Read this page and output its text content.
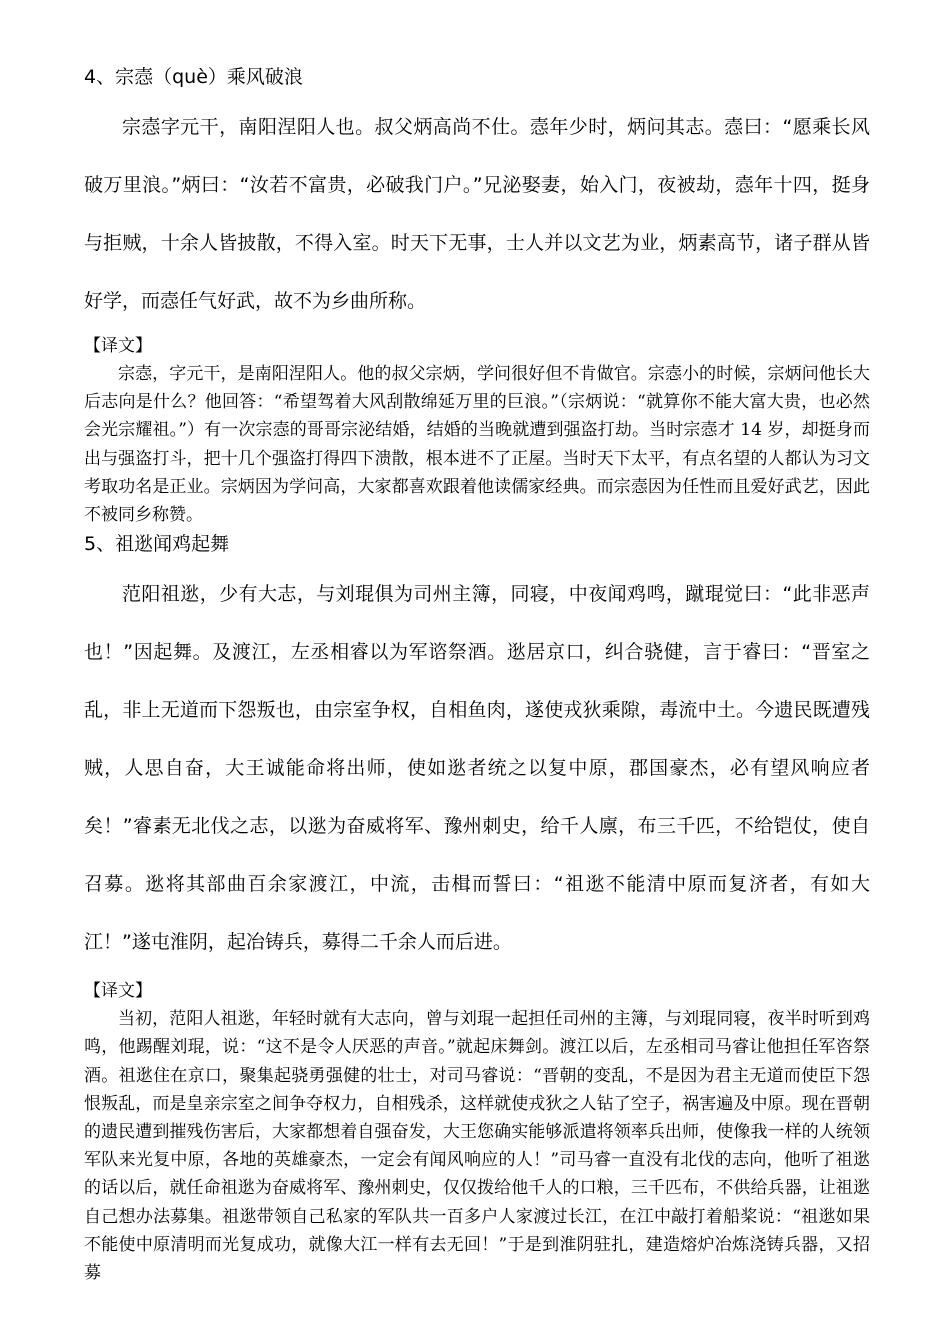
4、宗悫（què）乘风破浪

宗悫字元干，南阳涅阳人也。叔父炳高尚不仕。悫年少时，炳问其志。悫曰：“愿乘长风破万里浪。”炳曰：“汝若不富贵，必破我门户。”兄泌娶妻，始入门，夜被劫，悫年十四，挺身与拒贼，十余人皆披散，不得入室。时天下无事，士人并以文艺为业，炳素高节，诸子群从皆好学，而悫任气好武，故不为乡曲所称。

【译文】

宗悫，字元干，是南阳涅阳人。他的叔父宗炳，学问很好但不肯做官。宗悫小的时候，宗炳问他长大后志向是什么？他回答：“希望驾着大风刮散绵延万里的巨浪。”（宗炳说：“就算你不能大富大贵，也必然会光宗耀祖。”）有一次宗悫的哥哥宗泌结婚，结婚的当晚就遭到强盗打劫。当时宗悫才 14 岁，却挺身而出与强盗打斗，把十几个强盗打得四下溃散，根本进不了正屋。当时天下太平，有点名望的人都认为习文考取功名是正业。宗炳因为学问高，大家都喜欢跟着他读儒家经典。而宗悫因为任性而且爱好武艺，因此不被同乡称赞。

5、祖逖闻鸡起舞

范阳祖逖，少有大志，与刘琨俱为司州主簿，同寝，中夜闻鸡鸣，蹴琨觉曰：“此非恶声也！”因起舞。及渡江，左丞相睿以为军谘祭酒。逖居京口，纠合骁健，言于睿曰：“晋室之乱，非上无道而下怨叛也，由宗室争权，自相鱼肉，遂使戎狄乘隙，毒流中土。今遗民既遭残贼，人思自奋，大王诚能命将出师，使如逖者统之以复中原，郡国豪杰，必有望风响应者矣！”睿素无北伐之志，以逖为奋威将军、豫州刺史，给千人廪，布三千匹，不给铠仗，使自召募。逖将其部曲百余家渡江，中流，击楫而誓曰：“祖逖不能清中原而复济者，有如大江！”遂屯淮阴，起冶铸兵，募得二千余人而后进。

【译文】

当初，范阳人祖逖，年轻时就有大志向，曾与刘琨一起担任司州的主簿，与刘琨同寝，夜半时听到鸡鸣，他踢醒刘琨，说：“这不是令人厌恶的声音。”就起床舞剑。渡江以后，左丞相司马睿让他担任军咨祭酒。祖逖住在京口，聚集起骁勇强健的壮士，对司马睿说：“晋朝的变乱，不是因为君主无道而使臣下怨恨叛乱，而是皇亲宗室之间争夺权力，自相残杀，这样就使戎狄之人钻了空子，祸害遍及中原。现在晋朝的遗民遭到摧残伤害后，大家都想着自强奋发，大王您确实能够派遣将领率兵出师，使像我一样的人统领军队来光复中原，各地的英雄豪杰，一定会有闻风响应的人！”司马睿一直没有北伐的志向，他听了祖逖的话以后，就任命祖逖为奋威将军、豫州刺史，仅仅拨给他千人的口粮，三千匹布，不供给兵器，让祖逖自己想办法募集。祖逖带领自己私家的军队共一百多户人家渡过长江，在江中敲打着船桨说：“祖逖如果不能使中原清明而光复成功，就像大江一样有去无回！”于是到淮阴驻扎，建造熔炉冶炼浇铸兵器，又招募
